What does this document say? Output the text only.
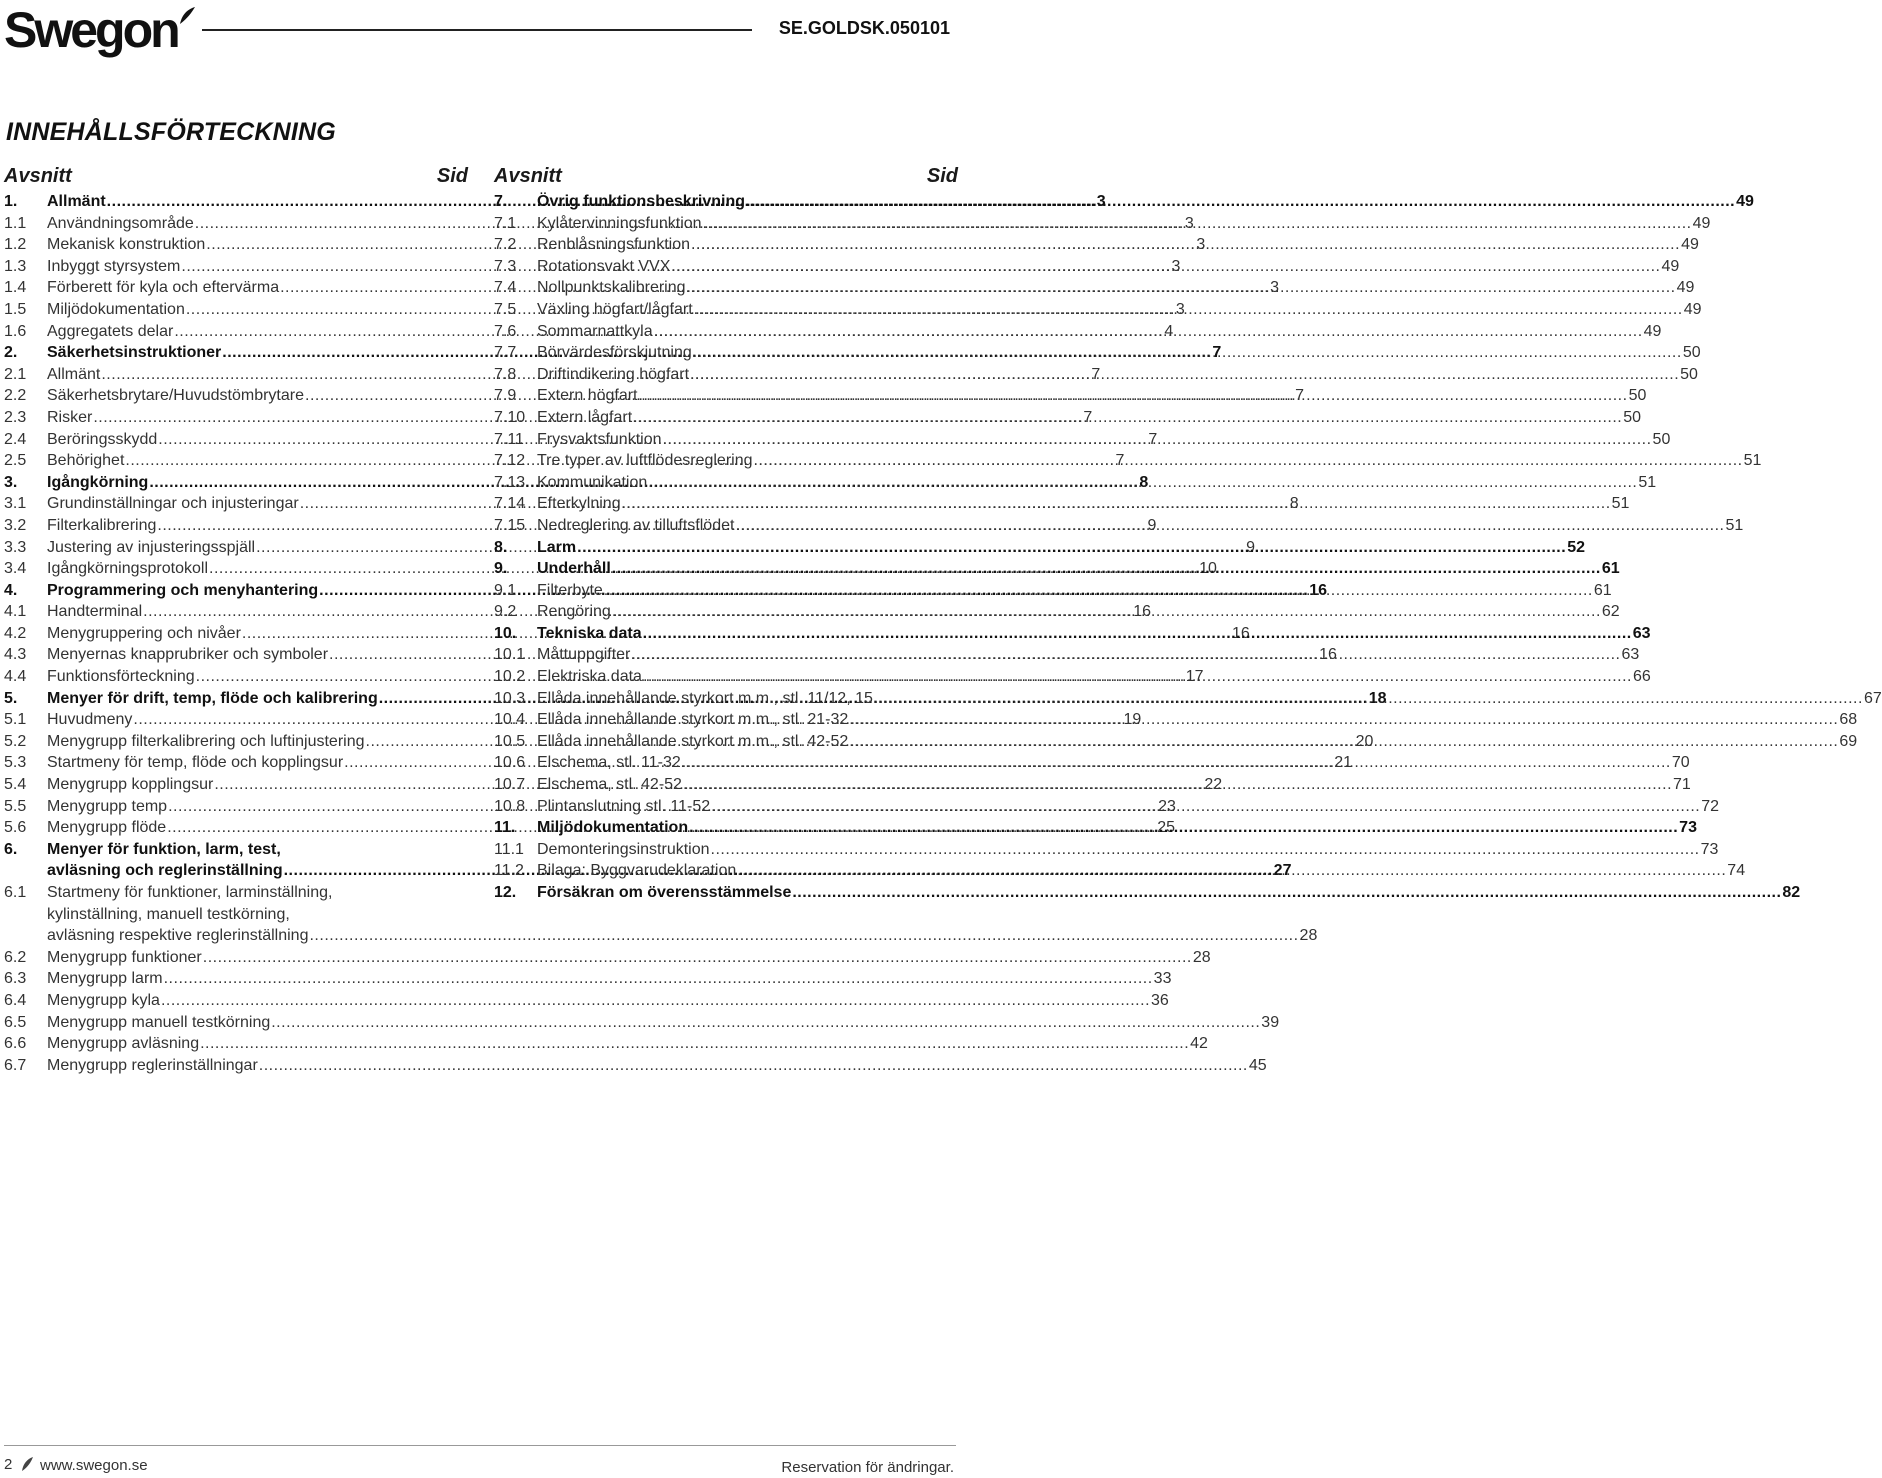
Swegon	SE.GOLDSK.050101
INNEHÅLLSFÖRTECKNING
Avsnitt	Sid
1.	Allmänt .....	3
1.1	Användningsområde .....	3
1.2	Mekanisk konstruktion .....	3
1.3	Inbyggt styrsystem .....	3
1.4	Förberett för kyla och eftervärma .....	3
1.5	Miljödokumentation .....	3
1.6	Aggregatets delar .....	4
2.	Säkerhetsinstruktioner .....	7
2.1	Allmänt .....	7
2.2	Säkerhetsbrytare/Huvudstömbrytare .....	7
2.3	Risker .....	7
2.4	Beröringsskydd .....	7
2.5	Behörighet .....	7
3.	Igångkörning .....	8
3.1	Grundinställningar och injusteringar .....	8
3.2	Filterkalibrering .....	9
3.3	Justering av injusteringsspjäll .....	9
3.4	Igångkörningsprotokoll .....	10
4.	Programmering och menyhantering .....	16
4.1	Handterminal .....	16
4.2	Menygruppering och nivåer .....	16
4.3	Menyernas knapprubriker och symboler .....	16
4.4	Funktionsförteckning .....	17
5.	Menyer för drift, temp, flöde och kalibrering .....	18
5.1	Huvudmeny .....	19
5.2	Menygrupp filterkalibrering och luftinjustering .....	20
5.3	Startmeny för temp, flöde och kopplingsur .....	21
5.4	Menygrupp kopplingsur .....	22
5.5	Menygrupp temp .....	23
5.6	Menygrupp flöde .....	25
6.	Menyer för funktion, larm, test,
avläsning och reglerinställning .....	27
6.1	Startmeny för funktioner, larminställning,
kylinställning, manuell testkörning,
avläsning respektive reglerinställning .....	28
6.2	Menygrupp funktioner .....	28
6.3	Menygrupp larm .....	33
6.4	Menygrupp kyla .....	36
6.5	Menygrupp manuell testkörning .....	39
6.6	Menygrupp avläsning .....	42
6.7	Menygrupp reglerinställningar .....	45
Avsnitt	Sid
7.	Övrig funktionsbeskrivning .....	49
7.1	Kylåtervinningsfunktion .....	49
7.2	Renblåsningsfunktion .....	49
7.3	Rotationsvakt VVX .....	49
7.4	Nollpunktskalibrering .....	49
7.5	Växling högfart/lågfart .....	49
7.6	Sommarnattkyla .....	49
7.7	Börvärdesförskjutning .....	50
7.8	Driftindikering högfart .....	50
7.9	Extern högfart .....	50
7.10 Extern lågfart .....	50
7.11 Frysvaktsfunktion .....	50
7.12 Tre typer av luftflödesreglering .....	51
7.13 Kommunikation .....	51
7.14 Efterkylning .....	51
7.15 Nedreglering av tilluftsflödet .....	51
8.	Larm .....	52
9.	Underhåll .....	61
9.1	Filterbyte .....	61
9.2	Rengöring .....	62
10.	Tekniska data .....	63
10.1 Måttuppgifter .....	63
10.2 Elektriska data .....	66
10.3 Ellåda innehållande styrkort m.m., stl. 11/12, 15 .....	67
10.4 Ellåda innehållande styrkort m.m., stl. 21-32 .....	68
10.5 Ellåda innehållande styrkort m.m., stl. 42-52 .....	69
10.6 Elschema, stl. 11-32 .....	70
10.7 Elschema, stl. 42-52 .....	71
10.8 Plintanslutning stl. 11-52 .....	72
11.	Miljödokumentation .....	73
11.1 Demonteringsinstruktion .....	73
11.2 Bilaga: Byggvarudeklaration .....	74
12.	Försäkran om överensstämmelse .....	82
2 www.swegon.se	Reservation för ändringar.
